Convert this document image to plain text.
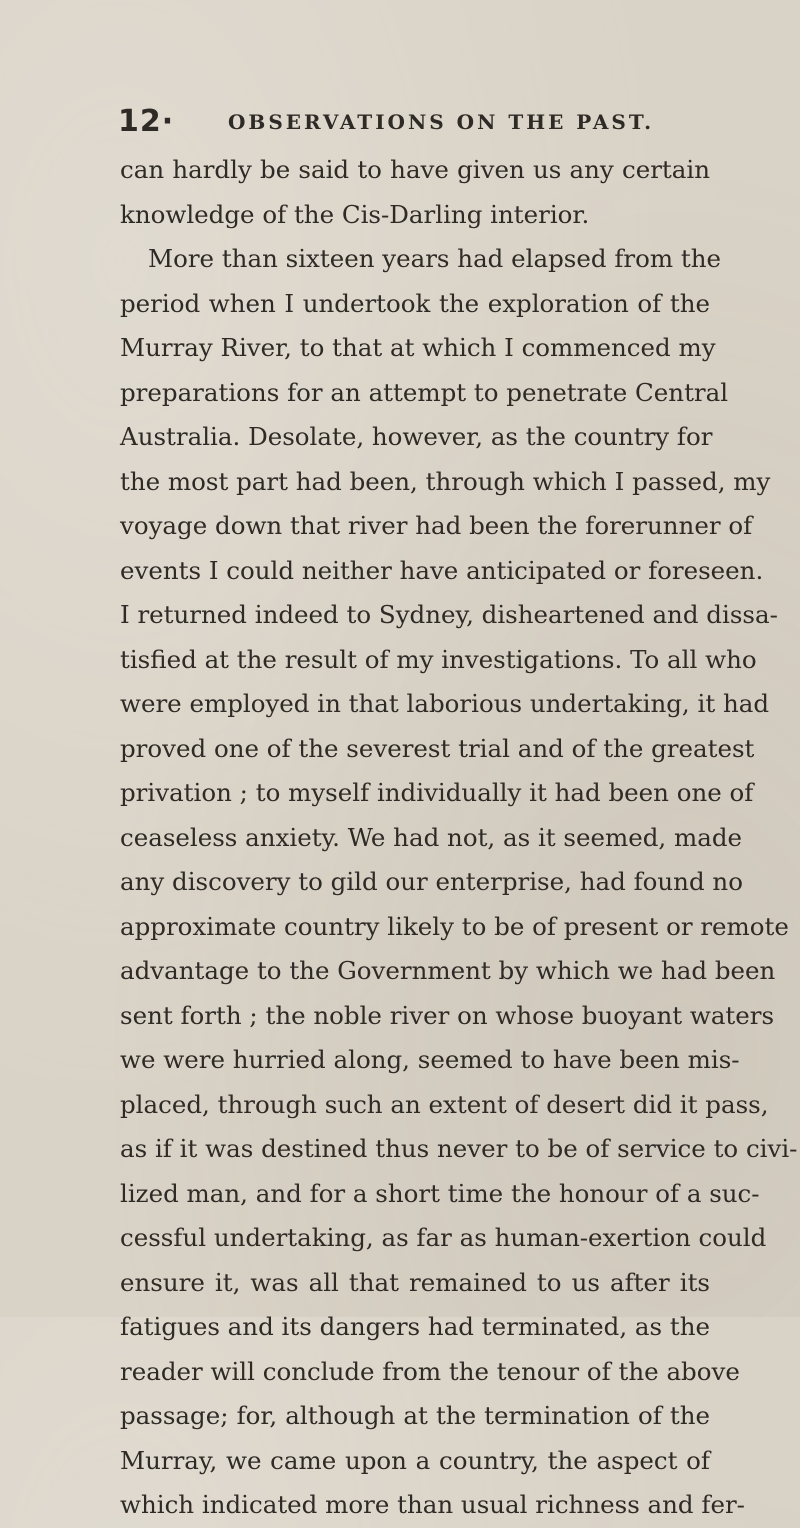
12·	OBSERVATIONS ON THE PAST.
can hardly be said to have given us any certain
knowledge of the Cis-Darling interior.
More than sixteen years had elapsed from the
period when I undertook the exploration of the
Murray River, to that at which I commenced my
preparations for an attempt to penetrate Central
Australia. Desolate, however, as the country for
the most part had been, through which I passed, my
voyage down that river had been the forerunner of
events I could neither have anticipated or foreseen.
I returned indeed to Sydney, disheartened and dissa-
tisfied at the result of my investigations. To all who
were employed in that laborious undertaking, it had
proved one of the severest trial and of the greatest
privation ; to myself individually it had been one of
ceaseless anxiety. We had not, as it seemed, made
any discovery to gild our enterprise, had found no
approximate country likely to be of present or remote
advantage to the Government by which we had been
sent forth ; the noble river on whose buoyant waters
we were hurried along, seemed to have been mis-
placed, through such an extent of desert did it pass,
as if it was destined thus never to be of service to civi-
lized man, and for a short time the honour of a suc-
cessful undertaking, as far as human-exertion could
ensure it, was all that remained to us after its
fatigues and its dangers had terminated, as the
reader will conclude from the tenour of the above
passage; for, although at the termination of the
Murray, we came upon a country, the aspect of
which indicated more than usual richness and fer-
